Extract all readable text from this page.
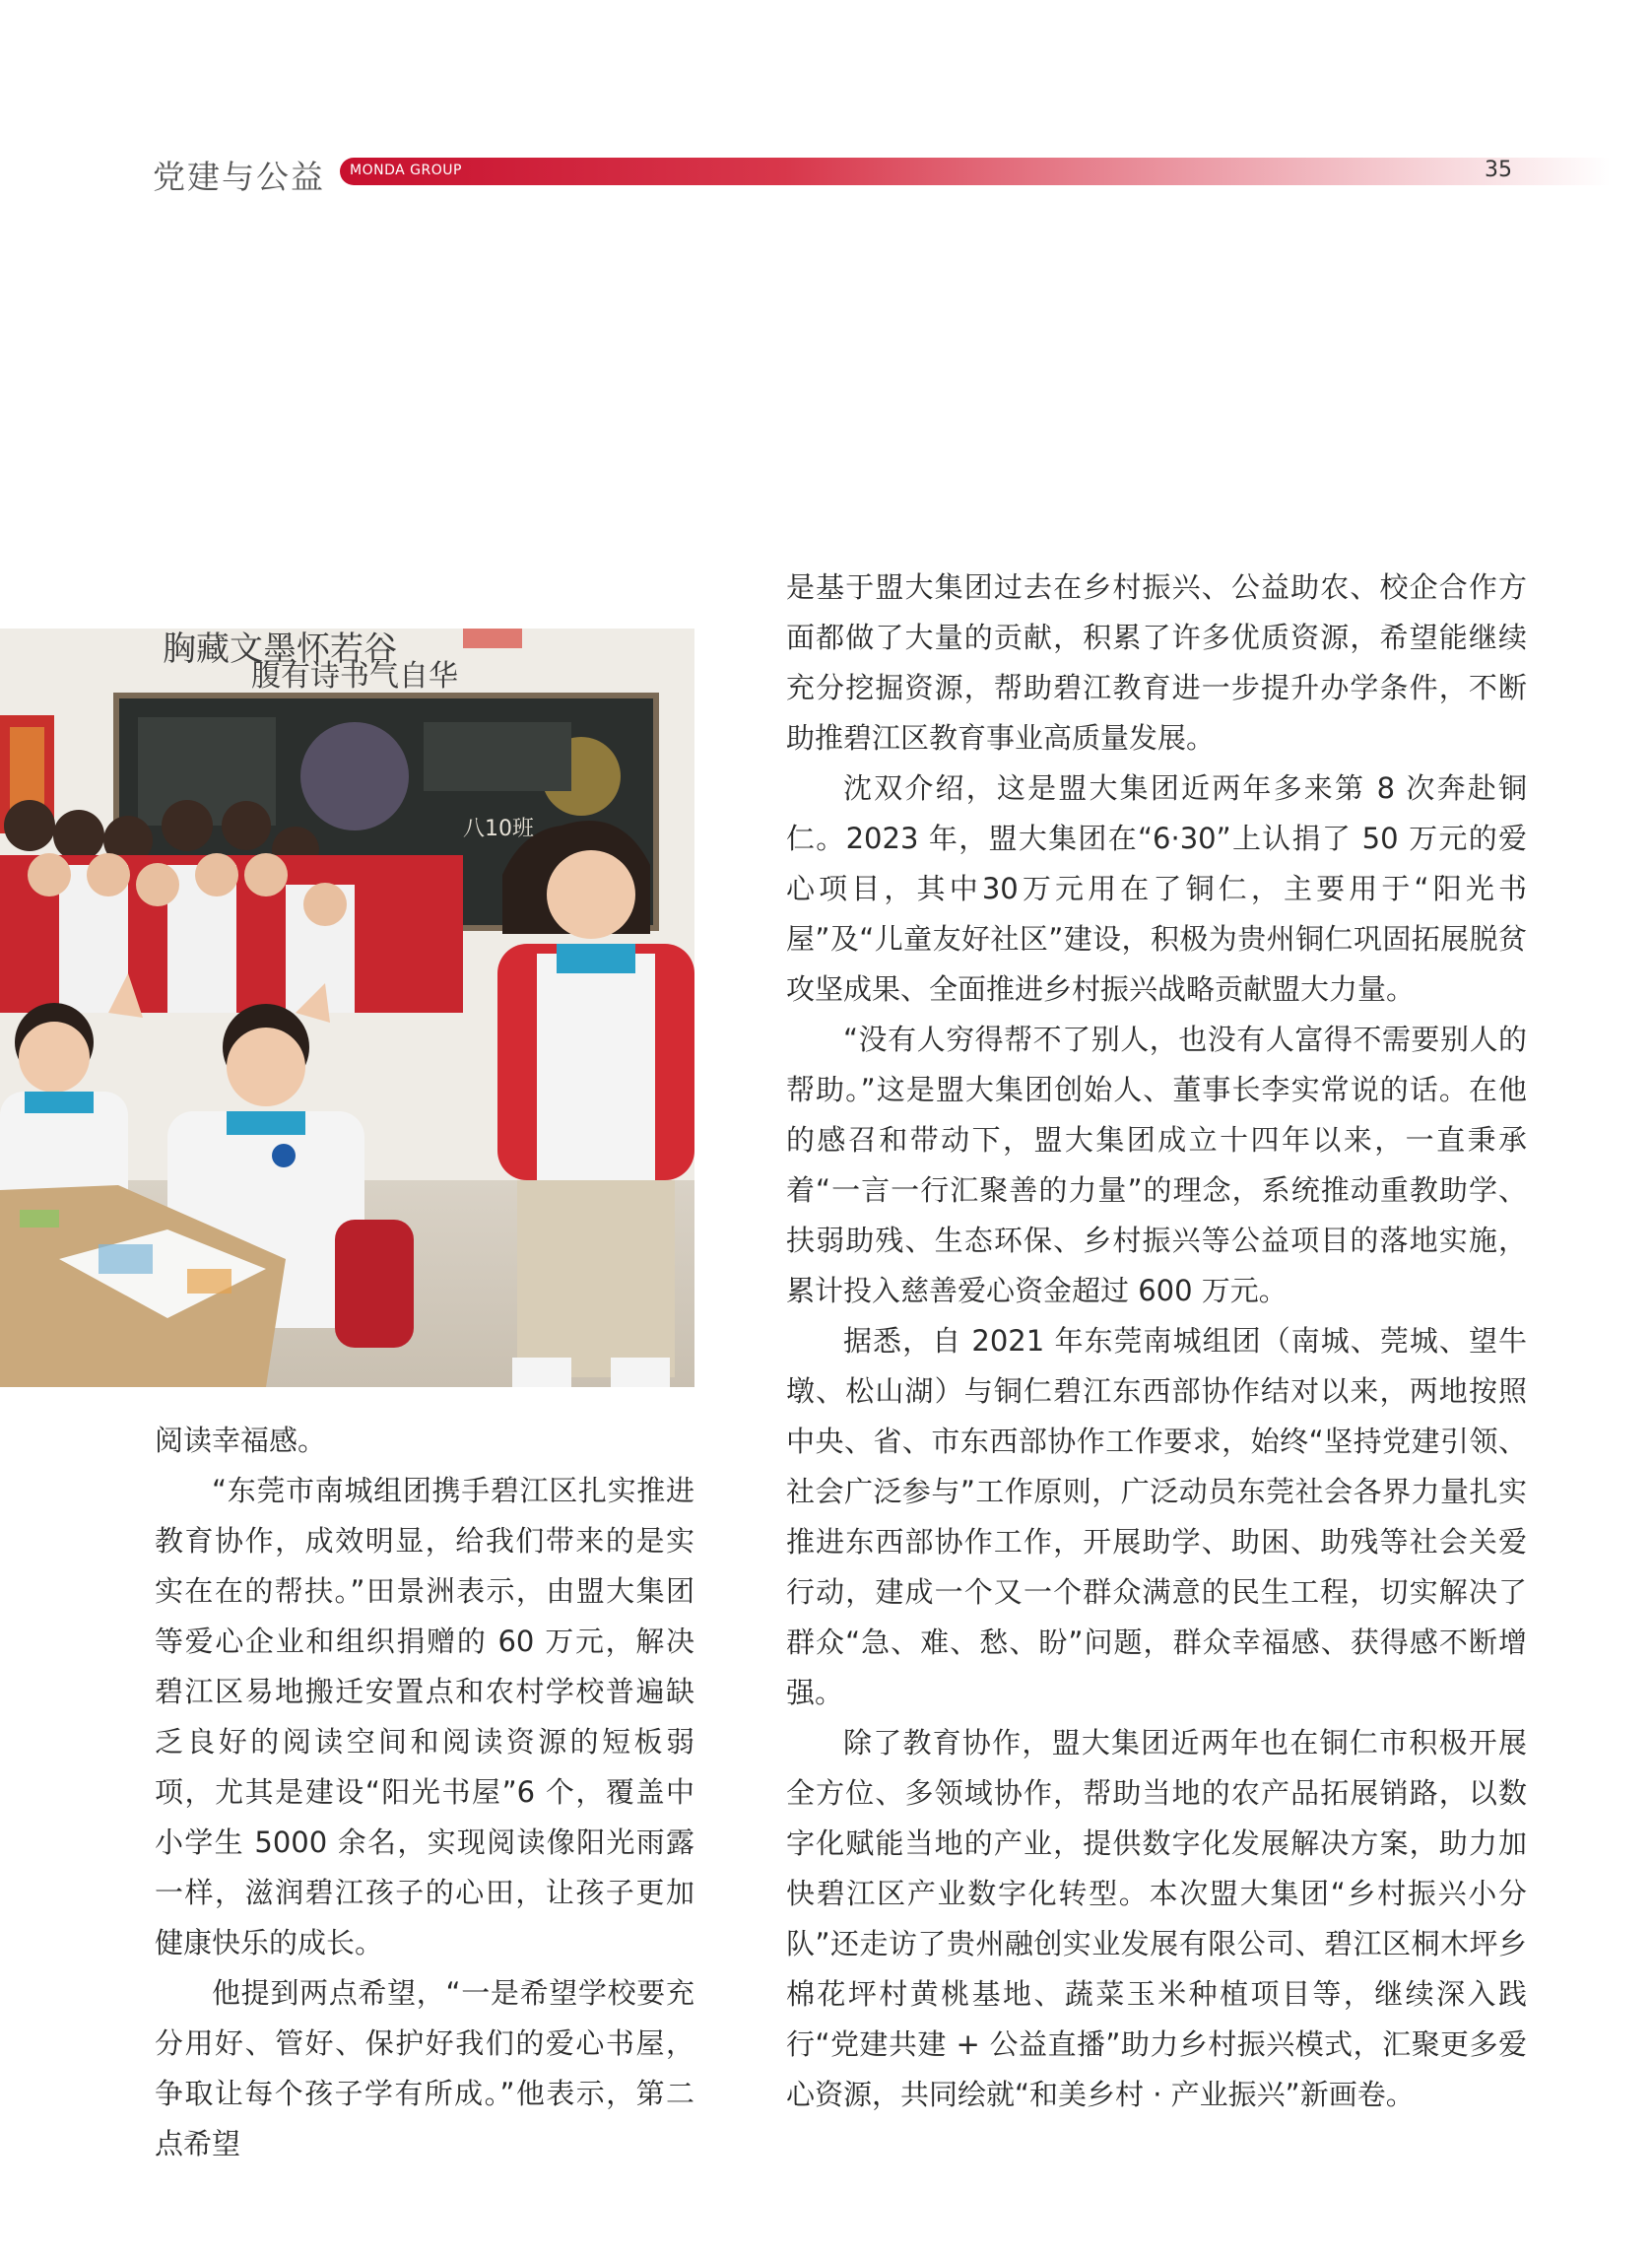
党建与公益 MONDA GROUP	35
八10班
胸藏文墨怀若谷
腹有诗书气自华

阅读幸福感。

“东莞市南城组团携手碧江区扎实推进教育协作，成效明显，给我们带来的是实实在在的帮扶。”田景洲表示，由盟大集团等爱心企业和组织捐赠的 60 万元，解决碧江区易地搬迁安置点和农村学校普遍缺乏良好的阅读空间和阅读资源的短板弱项，尤其是建设“阳光书屋”6 个，覆盖中小学生 5000 余名，实现阅读像阳光雨露一样，滋润碧江孩子的心田，让孩子更加健康快乐的成长。

他提到两点希望，“一是希望学校要充分用好、管好、保护好我们的爱心书屋，争取让每个孩子学有所成。”他表示，第二点希望

是基于盟大集团过去在乡村振兴、公益助农、校企合作方面都做了大量的贡献，积累了许多优质资源，希望能继续充分挖掘资源，帮助碧江教育进一步提升办学条件，不断助推碧江区教育事业高质量发展。

沈双介绍，这是盟大集团近两年多来第 8 次奔赴铜仁。2023 年，盟大集团在“6·30”上认捐了 50 万元的爱心项目，其中30万元用在了铜仁，主要用于“阳光书屋”及“儿童友好社区”建设，积极为贵州铜仁巩固拓展脱贫攻坚成果、全面推进乡村振兴战略贡献盟大力量。

“没有人穷得帮不了别人，也没有人富得不需要别人的帮助。”这是盟大集团创始人、董事长李实常说的话。在他的感召和带动下，盟大集团成立十四年以来，一直秉承着“一言一行汇聚善的力量”的理念，系统推动重教助学、扶弱助残、生态环保、乡村振兴等公益项目的落地实施，累计投入慈善爱心资金超过 600 万元。

据悉，自 2021 年东莞南城组团（南城、莞城、望牛墩、松山湖）与铜仁碧江东西部协作结对以来，两地按照中央、省、市东西部协作工作要求，始终“坚持党建引领、社会广泛参与”工作原则，广泛动员东莞社会各界力量扎实推进东西部协作工作，开展助学、助困、助残等社会关爱行动，建成一个又一个群众满意的民生工程，切实解决了群众“急、难、愁、盼”问题，群众幸福感、获得感不断增强。

除了教育协作，盟大集团近两年也在铜仁市积极开展全方位、多领域协作，帮助当地的农产品拓展销路，以数字化赋能当地的产业，提供数字化发展解决方案，助力加快碧江区产业数字化转型。本次盟大集团“乡村振兴小分队”还走访了贵州融创实业发展有限公司、碧江区桐木坪乡棉花坪村黄桃基地、蔬菜玉米种植项目等，继续深入践行“党建共建 + 公益直播”助力乡村振兴模式，汇聚更多爱心资源，共同绘就“和美乡村 · 产业振兴”新画卷。
